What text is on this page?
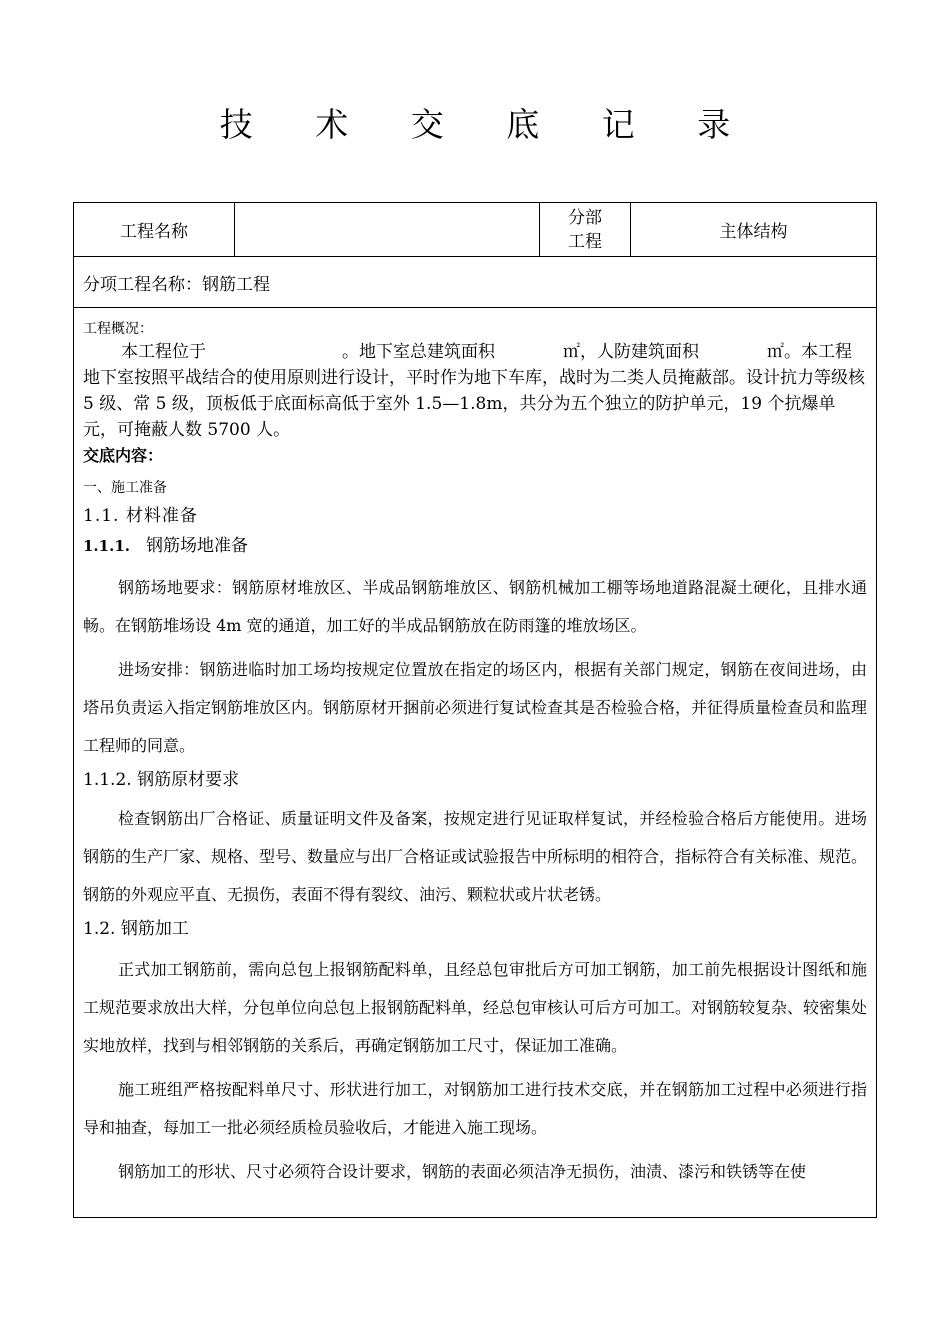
技 术 交 底 记 录
工程名称
分部
工程	主体结构
分项工程名称：钢筋工程
工程概况：

本工程位于　　　　　　　　。地下室总建筑面积　　　　㎡，人防建筑面积　　　　㎡。本工程地下室按照平战结合的使用原则进行设计，平时作为地下车库，战时为二类人员掩蔽部。设计抗力等级核 5 级、常 5 级，顶板低于底面标高低于室外 1.5—1.8m，共分为五个独立的防护单元，19 个抗爆单元，可掩蔽人数 5700 人。

交底内容：
一、施工准备
1.1. 材料准备
1.1.1. 钢筋场地准备

钢筋场地要求：钢筋原材堆放区、半成品钢筋堆放区、钢筋机械加工棚等场地道路混凝土硬化，且排水通畅。在钢筋堆场设 4m 宽的通道，加工好的半成品钢筋放在防雨篷的堆放场区。

进场安排：钢筋进临时加工场均按规定位置放在指定的场区内，根据有关部门规定，钢筋在夜间进场，由塔吊负责运入指定钢筋堆放区内。钢筋原材开捆前必须进行复试检查其是否检验合格，并征得质量检查员和监理工程师的同意。

1.1.2. 钢筋原材要求

检查钢筋出厂合格证、质量证明文件及备案，按规定进行见证取样复试，并经检验合格后方能使用。进场钢筋的生产厂家、规格、型号、数量应与出厂合格证或试验报告中所标明的相符合，指标符合有关标准、规范。钢筋的外观应平直、无损伤，表面不得有裂纹、油污、颗粒状或片状老锈。

1.2. 钢筋加工

正式加工钢筋前，需向总包上报钢筋配料单，且经总包审批后方可加工钢筋，加工前先根据设计图纸和施工规范要求放出大样，分包单位向总包上报钢筋配料单，经总包审核认可后方可加工。对钢筋较复杂、较密集处实地放样，找到与相邻钢筋的关系后，再确定钢筋加工尺寸，保证加工准确。

施工班组严格按配料单尺寸、形状进行加工，对钢筋加工进行技术交底，并在钢筋加工过程中必须进行指导和抽查，每加工一批必须经质检员验收后，才能进入施工现场。

钢筋加工的形状、尺寸必须符合设计要求，钢筋的表面必须洁净无损伤，油渍、漆污和铁锈等在使
